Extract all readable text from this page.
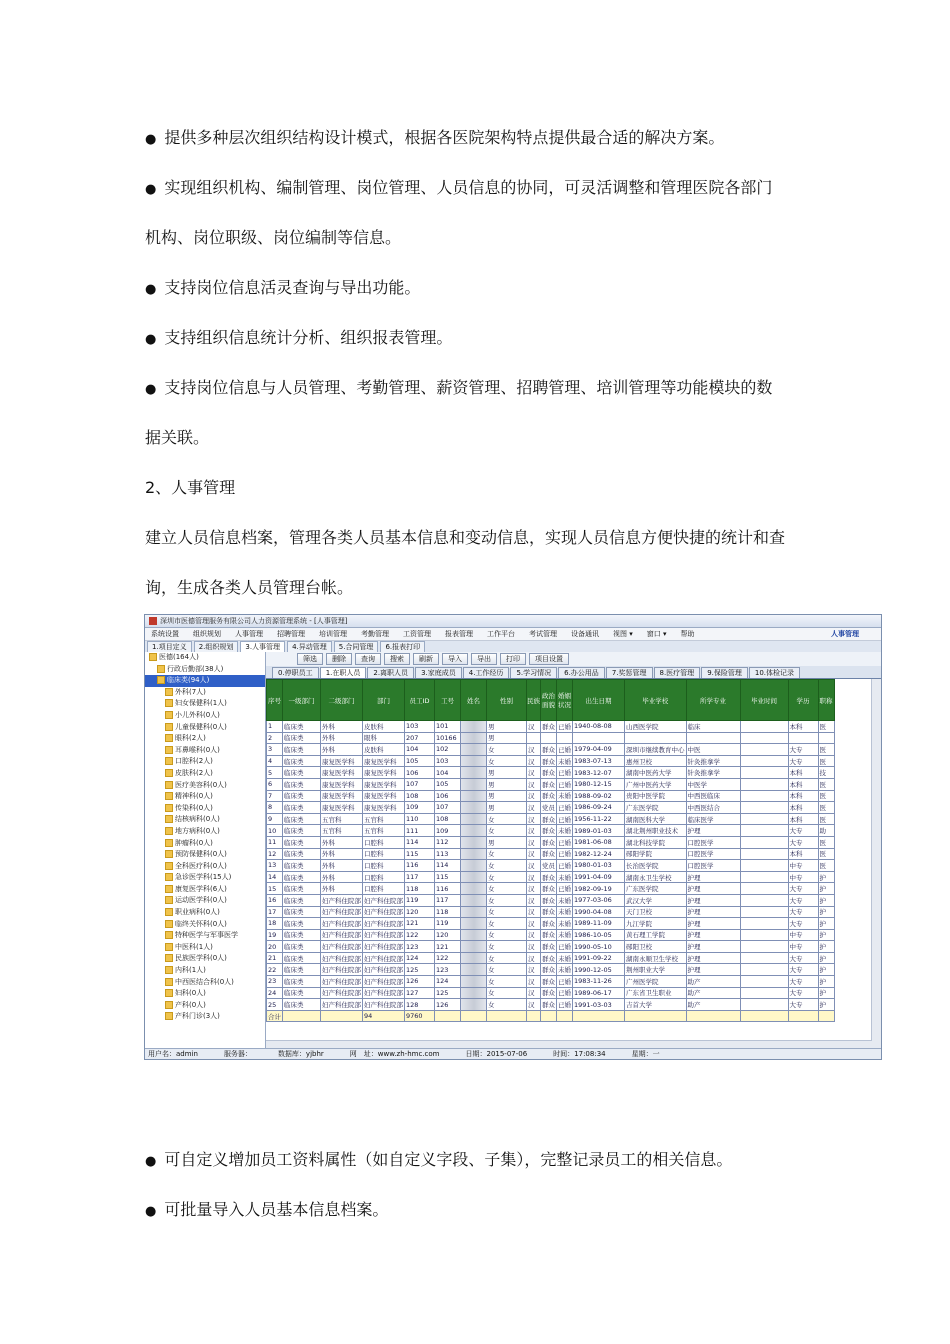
● 提供多种层次组织结构设计模式，根据各医院架构特点提供最合适的解决方案。
● 实现组织机构、编制管理、岗位管理、人员信息的协同，可灵活调整和管理医院各部门
机构、岗位职级、岗位编制等信息。
● 支持岗位信息活灵查询与导出功能。
● 支持组织信息统计分析、组织报表管理。
● 支持岗位信息与人员管理、考勤管理、薪资管理、招聘管理、培训管理等功能模块的数
据关联。
2、人事管理
建立人员信息档案，管理各类人员基本信息和变动信息，实现人员信息方便快捷的统计和查
询，生成各类人员管理台帐。
深圳市医德管理服务有限公司人力资源管理系统 - [人事管理]
系统设置 组织规划 人事管理 招聘管理 培训管理 考勤管理 工资管理 报表管理 工作平台 考试管理 设备通讯 视图 ▾ 窗口 ▾ 帮助	人事管理
1.项目定义	2.组织规划	3.人事管理	4.异动管理	5.合同管理	6.报表打印
医德(164人)
行政后勤部(38人)
临床类(94人)
外科(7人)
妇女保健科(1人)
小儿外科(0人)
儿童保健科(0人)
眼科(2人)
耳鼻喉科(0人)
口腔科(2人)
皮肤科(2人)
医疗美容科(0人)
精神科(0人)
传染科(0人)
结核病科(0人)
地方病科(0人)
肿瘤科(0人)
预防保健科(0人)
全科医疗科(0人)
急诊医学科(15人)
康复医学科(6人)
运动医学科(0人)
职业病科(0人)
临终关怀科(0人)
特种医学与军事医学
中医科(1人)
民族医学科(0人)
内科(1人)
中西医结合科(0人)
妇科(0人)
产科(0人)
产科门诊(3人)
筛选	删除	查询	搜索	刷新	导入	导出	打印	项目设置
0.停职员工	1.在职人员	2.离职人员	3.家庭成员	4.工作经历	5.学习情况	6.办公用品	7.奖惩管理	8.医疗管理	9.保险管理	10.体检记录
序号	一级部门	二级部门	部门	员工ID	工号	姓名	性别	民族	政治面貌	婚姻状况	出生日期	毕业学校	所学专业	毕业时间	学历	职称
1	临床类	外科	皮肤科	103	101		男	汉	群众	已婚	1940-08-08	山西医学院	临床		本科	医
2	临床类	外科	眼科	207	10166		男									
3	临床类	外科	皮肤科	104	102		女	汉	群众	已婚	1979-04-09	深圳市继续教育中心	中医		大专	医
4	临床类	康复医学科	康复医学科	105	103		女	汉	群众	未婚	1983-07-13	惠州卫校	针灸推拿学		大专	医
5	临床类	康复医学科	康复医学科	106	104		男	汉	群众	已婚	1983-12-07	湖南中医药大学	针灸推拿学		本科	技
6	临床类	康复医学科	康复医学科	107	105		男	汉	群众	已婚	1980-12-15	广州中医药大学	中医学		本科	医
7	临床类	康复医学科	康复医学科	108	106		男	汉	群众	未婚	1988-09-02	贵阳中医学院	中西医临床		本科	医
8	临床类	康复医学科	康复医学科	109	107		男	汉	党员	已婚	1986-09-24	广东医学院	中西医结合		本科	医
9	临床类	五官科	五官科	110	108		女	汉	群众	已婚	1956-11-22	湖南医科大学	临床医学		本科	医
10	临床类	五官科	五官科	111	109		女	汉	群众	未婚	1989-01-03	湖北荆州职业技术	护理		大专	助
11	临床类	外科	口腔科	114	112		男	汉	群众	已婚	1981-06-08	湖北科技学院	口腔医学		大专	医
12	临床类	外科	口腔科	115	113		女	汉	群众	已婚	1982-12-24	郧阳学院	口腔医学		本科	医
13	临床类	外科	口腔科	116	114		女	汉	党员	已婚	1980-01-03	长治医学院	口腔医学		中专	医
14	临床类	外科	口腔科	117	115		女	汉	群众	未婚	1991-04-09	湖南永卫生学校	护理		中专	护
15	临床类	外科	口腔科	118	116		女	汉	群众	已婚	1982-09-19	广东医学院	护理		大专	护
16	临床类	妇产科住院部	妇产科住院部	119	117		女	汉	群众	未婚	1977-03-06	武汉大学	护理		大专	护
17	临床类	妇产科住院部	妇产科住院部	120	118		女	汉	群众	未婚	1990-04-08	天门卫校	护理		大专	护
18	临床类	妇产科住院部	妇产科住院部	121	119		女	汉	群众	未婚	1989-11-09	九江学院	护理		大专	护
19	临床类	妇产科住院部	妇产科住院部	122	120		女	汉	群众	未婚	1986-10-05	黄石理工学院	护理		中专	护
20	临床类	妇产科住院部	妇产科住院部	123	121		女	汉	群众	已婚	1990-05-10	郧阳卫校	护理		中专	护
21	临床类	妇产科住院部	妇产科住院部	124	122		女	汉	群众	未婚	1991-09-22	湖南永顺卫生学校	护理		大专	护
22	临床类	妇产科住院部	妇产科住院部	125	123		女	汉	群众	未婚	1990-12-05	荆州职业大学	护理		大专	护
23	临床类	妇产科住院部	妇产科住院部	126	124		女	汉	群众	已婚	1983-11-26	广州医学院	助产		大专	护
24	临床类	妇产科住院部	妇产科住院部	127	125		女	汉	群众	已婚	1989-06-17	广东省卫生职业	助产		大专	护
25	临床类	妇产科住院部	妇产科住院部	128	126		女	汉	群众	已婚	1991-03-03	吉首大学	助产		大专	护
合计			94	9760												
用户名：admin	服务器：	数据库：yjbhr	网　址：www.zh-hmc.com	日期：2015-07-06	时间：17:08:34	星期：一
● 可自定义增加员工资料属性（如自定义字段、子集），完整记录员工的相关信息。
● 可批量导入人员基本信息档案。
